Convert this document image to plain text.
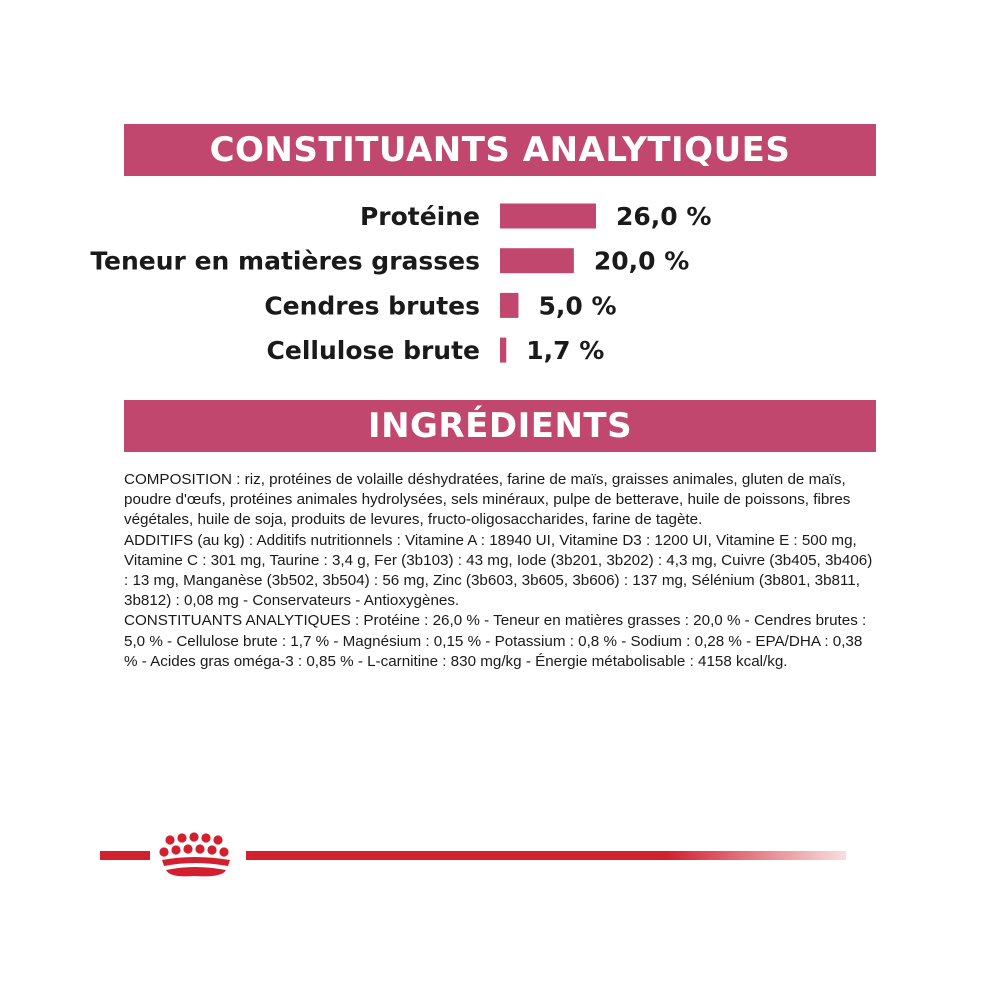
CONSTITUANTS ANALYTIQUES
Protéine	26,0 %
Teneur en matières grasses	20,0 %
Cendres brutes 5,0 %
Cellulose brute 1,7 %
INGRÉDIENTS

COMPOSITION : riz, protéines de volaille déshydratées, farine de maïs, graisses animales, gluten de maïs, poudre d'œufs, protéines animales hydrolysées, sels minéraux, pulpe de betterave, huile de poissons, fibres végétales, huile de soja, produits de levures, fructo-oligosaccharides, farine de tagète.

ADDITIFS (au kg) : Additifs nutritionnels : Vitamine A : 18940 UI, Vitamine D3 : 1200 UI, Vitamine E : 500 mg, Vitamine C : 301 mg, Taurine : 3,4 g, Fer (3b103) : 43 mg, Iode (3b201, 3b202) : 4,3 mg, Cuivre (3b405, 3b406) : 13 mg, Manganèse (3b502, 3b504) : 56 mg, Zinc (3b603, 3b605, 3b606) : 137 mg, Sélénium (3b801, 3b811, 3b812) : 0,08 mg - Conservateurs - Antioxygènes.

CONSTITUANTS ANALYTIQUES : Protéine : 26,0 % - Teneur en matières grasses : 20,0 % - Cendres brutes : 5,0 % - Cellulose brute : 1,7 % - Magnésium : 0,15 % - Potassium : 0,8 % - Sodium : 0,28 % - EPA/DHA : 0,38 % - Acides gras oméga-3 : 0,85 % - L-carnitine : 830 mg/kg - Énergie métabolisable : 4158 kcal/kg.
